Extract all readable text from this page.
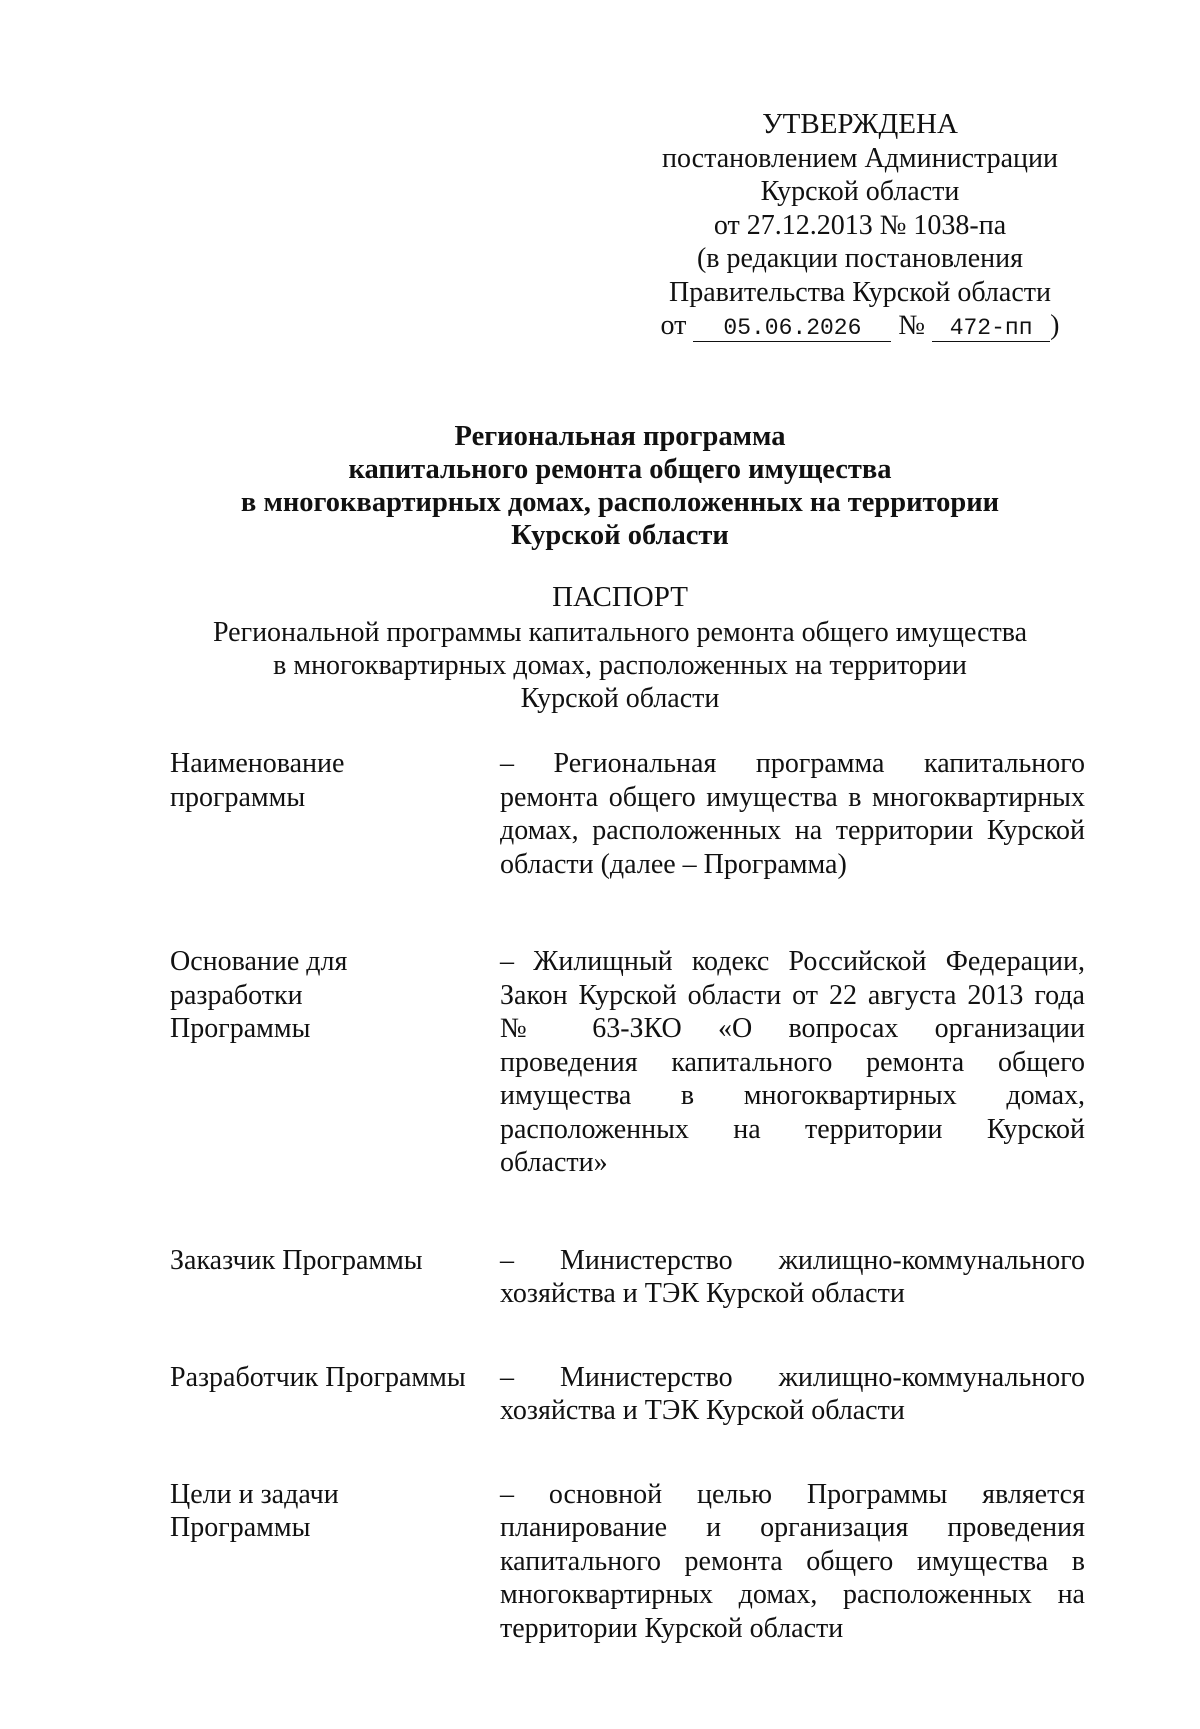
УТВЕРЖДЕНА
постановлением Администрации
Курской области
от 27.12.2013 № 1038-па
(в редакции постановления
Правительства Курской области
от 05.06.2026 № 472-пп )
Региональная программа
капитального ремонта общего имущества
в многоквартирных домах, расположенных на территории
Курской области
ПАСПОРТ
Региональной программы капитального ремонта общего имущества
в многоквартирных домах, расположенных на территории
Курской области
Наименование
программы
– Региональная программа капитального
ремонта общего имущества в многоквартирных
домах, расположенных на территории Курской
области (далее – Программа)
Основание для
разработки
Программы
– Жилищный кодекс Российской Федерации,
Закон Курской области от 22 августа 2013 года
№ 63-ЗКО «О вопросах организации
проведения капитального ремонта общего
имущества в многоквартирных домах,
расположенных на территории Курской
области»
Заказчик Программы	– Министерство жилищно-коммунального
хозяйства и ТЭК Курской области
Разработчик Программы	– Министерство жилищно-коммунального
хозяйства и ТЭК Курской области
Цели и задачи
Программы
– основной целью Программы является
планирование и организация проведения
капитального ремонта общего имущества в
многоквартирных домах, расположенных на
территории Курской области
